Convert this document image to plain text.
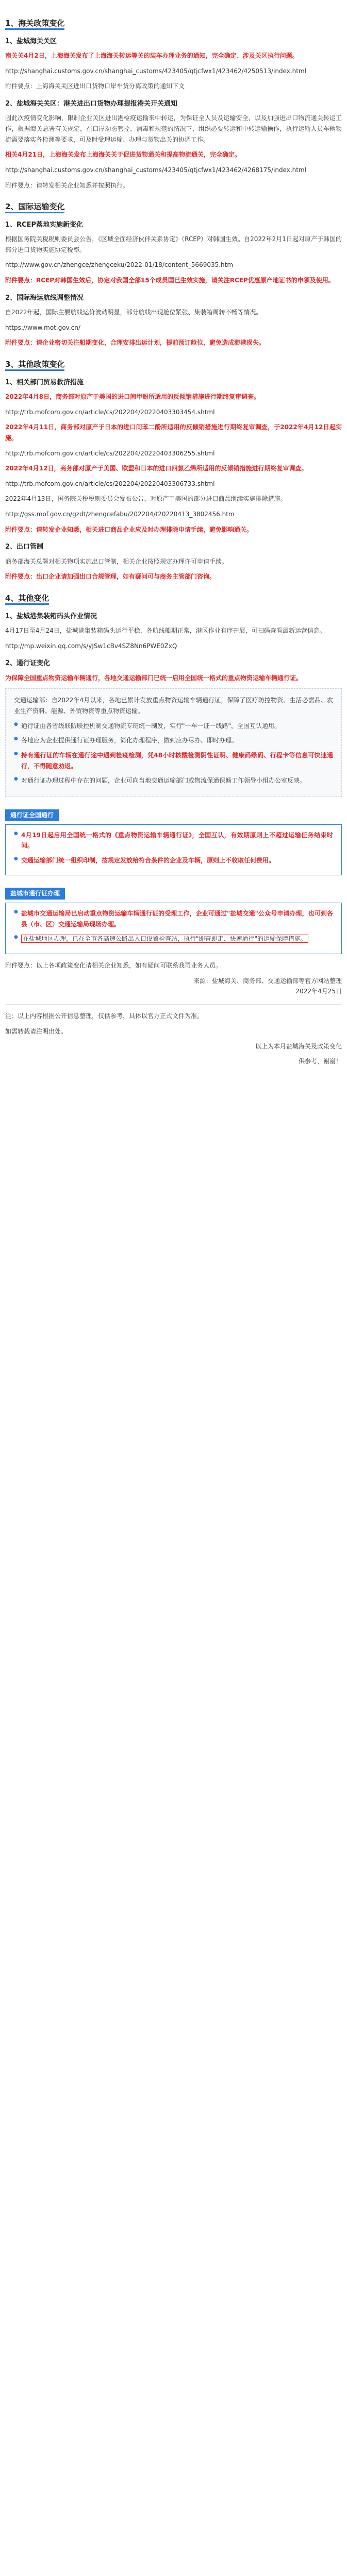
1、海关政策变化
1、盐城海关关区

南关关4月2日，上海海关发布了上海海关转运等关的装车办理业务的通知，完全确定、涉及关区执行问题。

http://shanghai.customs.gov.cn/shanghai_customs/423405/qtjcfwx1/423462/4250513/index.html

附件要点：上海海关关区进出口货物口岸车货分离政策的通知下文

2、盐城海关关区：港关进出口货物办理提报港关开关通知

因此次疫情变化影响，限制企业关区进出港检疫运输来中转运，为保证全人员及运输安全，以及加强进出口物流通关转运工作，根据海关总署有关规定，在口岸动态管控、消毒和规范的情况下，组织必要转运和中转运输操作，执行运输人员车辆物流需要落实各检测等要求，可及时受理运输、办理与货物出关的协调工作。

相关4月21日，上海海关发布上海海关关于促进货物通关和提高物流通关，完全确定。

http://shanghai.customs.gov.cn/shanghai_customs/423405/qtjcfwx1/423462/4268175/index.html

附件要点：请转发相关企业知悉并按照执行。

2、国际运输变化
1、RCEP落地实施新变化

根据国务院关税税则委员会公告，《区域全面经济伙伴关系协定》（RCEP）对韩国生效。自2022年2月1日起对原产于韩国的部分进口货物实施协定税率。

http://www.gov.cn/zhengce/zhengceku/2022-01/18/content_5669035.htm

附件要点：RCEP对韩国生效后，协定对我国全部15个成员国已生效实施，请关注RCEP优惠原产地证书的申领及使用。

2、国际海运航线调整情况

自2022年起，国际主要航线运价波动明显，部分航线出现舱位紧张、集装箱周转不畅等情况。

https://www.mot.gov.cn/

附件要点：请企业密切关注船期变化，合理安排出运计划，提前预订舱位，避免造成滞港损失。

3、其他政策变化
1、相关部门贸易救济措施

2022年4月8日，商务部对原产于美国的进口间甲酚所适用的反倾销措施进行期终复审调查。

http://trb.mofcom.gov.cn/article/cs/202204/20220403303454.shtml

2022年4月11日，商务部对原产于日本的进口间苯二酚所适用的反倾销措施进行期终复审调查，于2022年4月12日起实施。

http://trb.mofcom.gov.cn/article/cs/202204/20220403306255.shtml

2022年4月12日，商务部对原产于美国、欧盟和日本的进口四氯乙烯所适用的反倾销措施进行期终复审调查。

http://trb.mofcom.gov.cn/article/cs/202204/20220403306733.shtml

2022年4月13日，国务院关税税则委员会发布公告，对原产于美国的部分进口商品继续实施排除措施。

http://gss.mof.gov.cn/gzdt/zhengcefabu/202204/t20220413_3802456.htm

附件要点：请转发企业知悉，相关进口商品企业应及时办理排除申请手续，避免影响通关。

2、出口管制

商务部海关总署对相关物项实施出口管制，相关企业按照规定办理许可申请手续。

附件要点：出口企业请加强出口合规管理，如有疑问可与商务主管部门咨询。

4、其他变化
1、盐城港集装箱码头作业情况

4月17日至4月24日，盐城港集装箱码头运行平稳，各航线船期正常，港区作业有序开展，可扫码查看最新运营信息。

http://mp.weixin.qq.com/s/yJSw1cBv4SZ8Nn6PWE0ZxQ

2、通行证变化

为保障全国重点物资运输车辆通行，各地交通运输部门已统一启用全国统一格式的重点物资运输车辆通行证。

交通运输部：自2022年4月以来，各地已累计发放重点物资运输车辆通行证，保障了医疗防控物资、生活必需品、农业生产资料、能源、外贸物资等重点物资运输。

● 通行证由各省级联防联控机制交通物流专班统一制发，实行"一车一证一线路"，全国互认通用。
● 各地应为企业提供通行证办理服务，简化办理程序，做到应办尽办、即时办理。
● 持有通行证的车辆在通行途中遇到检疫检测，凭48小时核酸检测阴性证明、健康码绿码、行程卡等信息可快速通行，不得随意劝返。
● 对通行证办理过程中存在的问题，企业可向当地交通运输部门或物流保通保畅工作领导小组办公室反映。
通行证全国通行
● 4月19日起启用全国统一格式的《重点物资运输车辆通行证》，全国互认，有效期原则上不超过运输任务结束时间。
● 交通运输部门统一组织印制，按规定发放给符合条件的企业及车辆，原则上不收取任何费用。
盐城市通行证办理
● 盐城市交通运输局已启动重点物资运输车辆通行证的受理工作，企业可通过"盐城交通"公众号申请办理，也可到各县（市、区）交通运输局现场办理。
● 在盐城地区办理，已在全市各高速公路出入口设置检查站，执行"即查即走、快速通行"的运输保障措施。

附件要点：以上各项政策变化请相关企业知悉，如有疑问可联系我司业务人员。

来源：盐城海关、商务部、交通运输部等官方网站整理
2022年4月25日

注：以上内容根据公开信息整理，仅供参考，具体以官方正式文件为准。

如需转载请注明出处。

以上为本月盐城海关及政策变化
供参考，谢谢！
